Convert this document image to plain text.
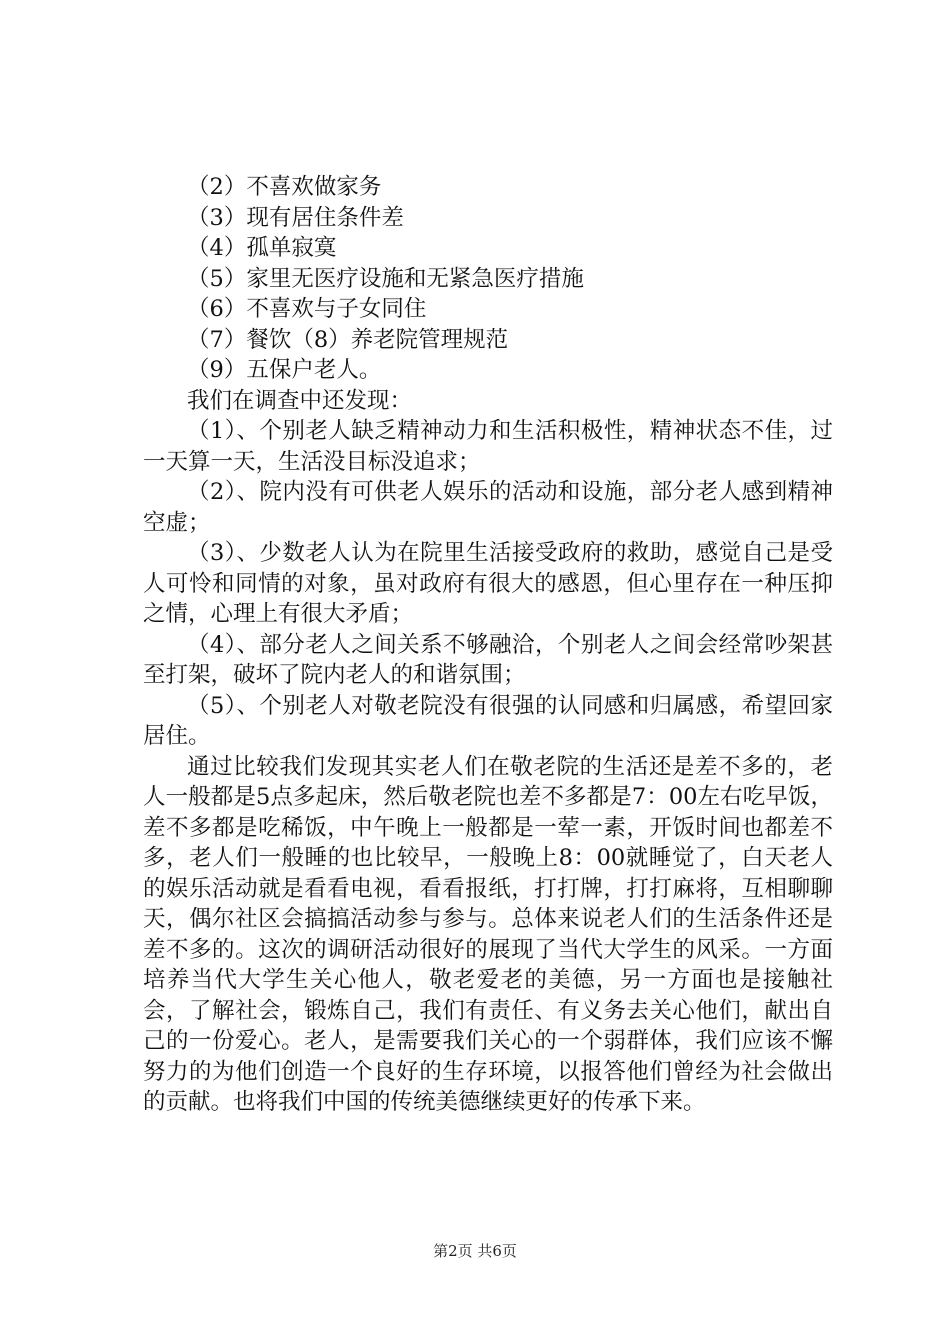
（2）不喜欢做家务
（3）现有居住条件差
（4）孤单寂寞
（5）家里无医疗设施和无紧急医疗措施
（6）不喜欢与子女同住
（7）餐饮（8）养老院管理规范
（9）五保户老人。
我们在调查中还发现：

（1）、个别老人缺乏精神动力和生活积极性，精神状态不佳，过一天算一天，生活没目标没追求；

（2）、院内没有可供老人娱乐的活动和设施，部分老人感到精神空虚；

（3）、少数老人认为在院里生活接受政府的救助，感觉自己是受人可怜和同情的对象，虽对政府有很大的感恩，但心里存在一种压抑之情，心理上有很大矛盾；

（4）、部分老人之间关系不够融洽，个别老人之间会经常吵架甚至打架，破坏了院内老人的和谐氛围；

（5）、个别老人对敬老院没有很强的认同感和归属感，希望回家居住。

通过比较我们发现其实老人们在敬老院的生活还是差不多的，老人一般都是5点多起床，然后敬老院也差不多都是7：00左右吃早饭，差不多都是吃稀饭，中午晚上一般都是一荤一素，开饭时间也都差不多，老人们一般睡的也比较早，一般晚上8：00就睡觉了，白天老人的娱乐活动就是看看电视，看看报纸，打打牌，打打麻将，互相聊聊天，偶尔社区会搞搞活动参与参与。总体来说老人们的生活条件还是差不多的。这次的调研活动很好的展现了当代大学生的风采。一方面培养当代大学生关心他人，敬老爱老的美德，另一方面也是接触社会，了解社会，锻炼自己，我们有责任、有义务去关心他们，献出自己的一份爱心。老人，是需要我们关心的一个弱群体，我们应该不懈努力的为他们创造一个良好的生存环境，以报答他们曾经为社会做出的贡献。也将我们中国的传统美德继续更好的传承下来。

第2页 共6页
